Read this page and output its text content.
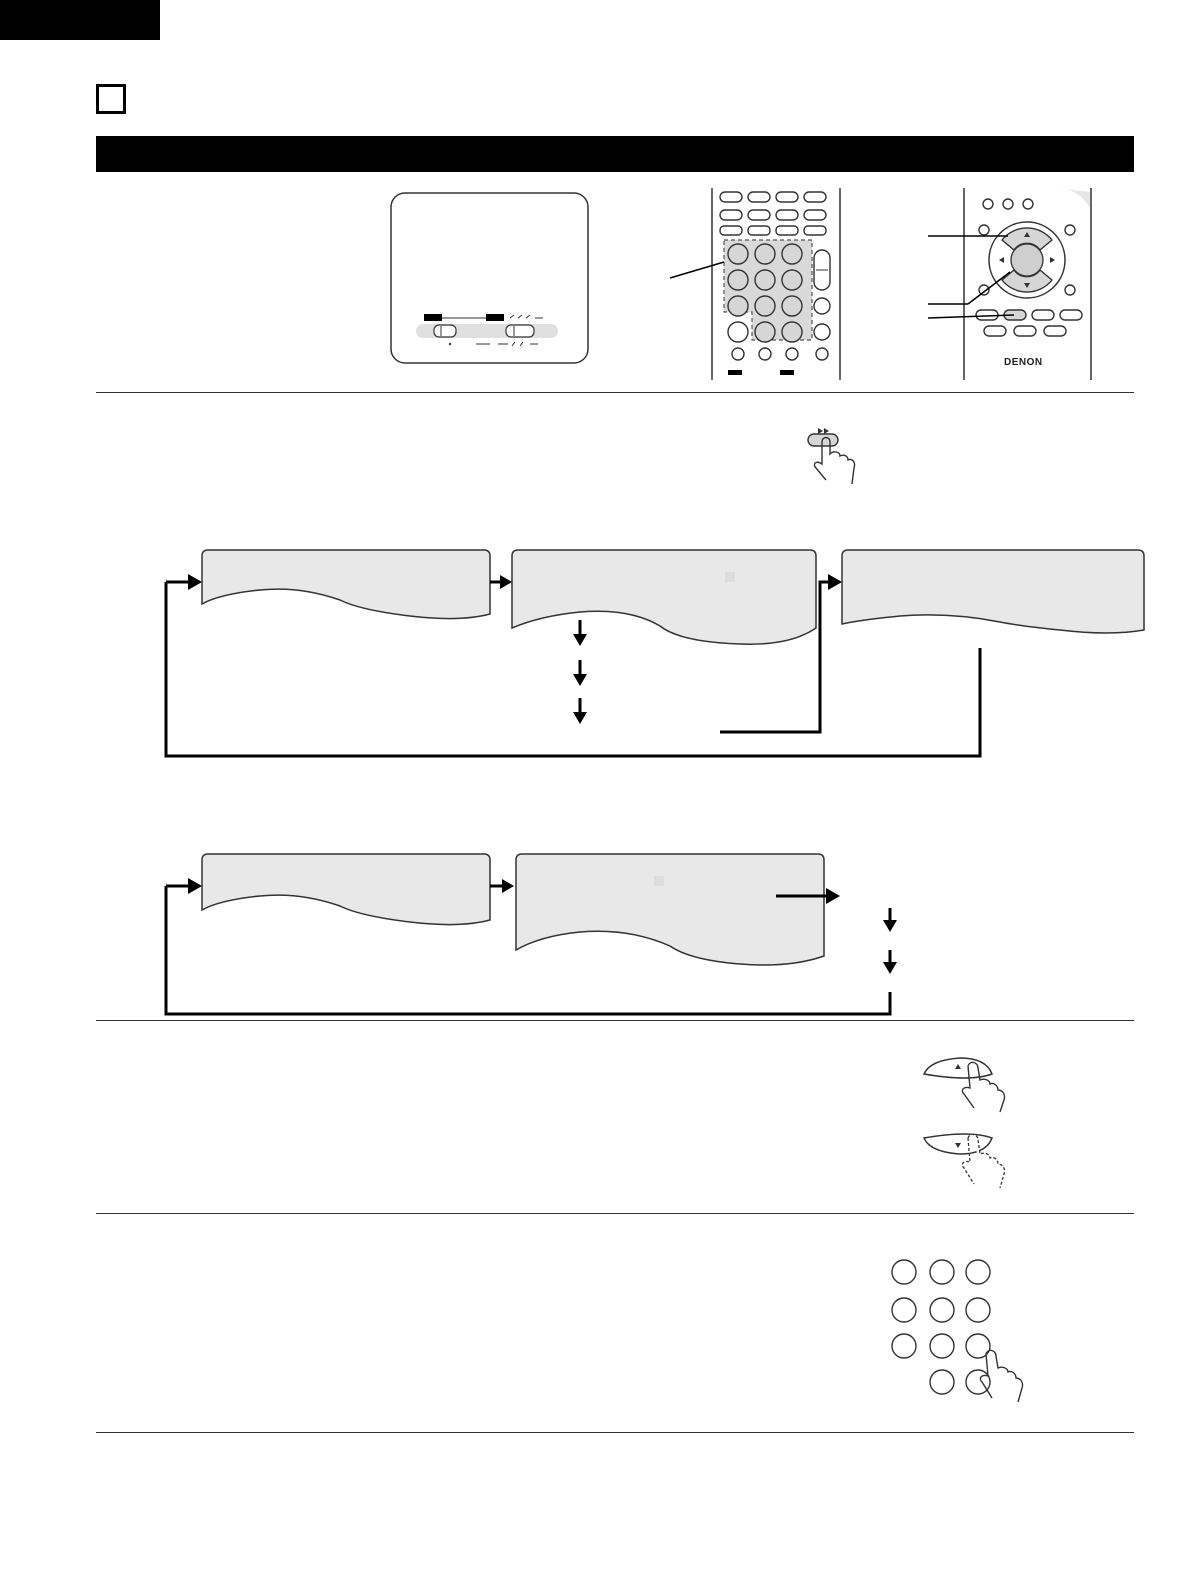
DENON
